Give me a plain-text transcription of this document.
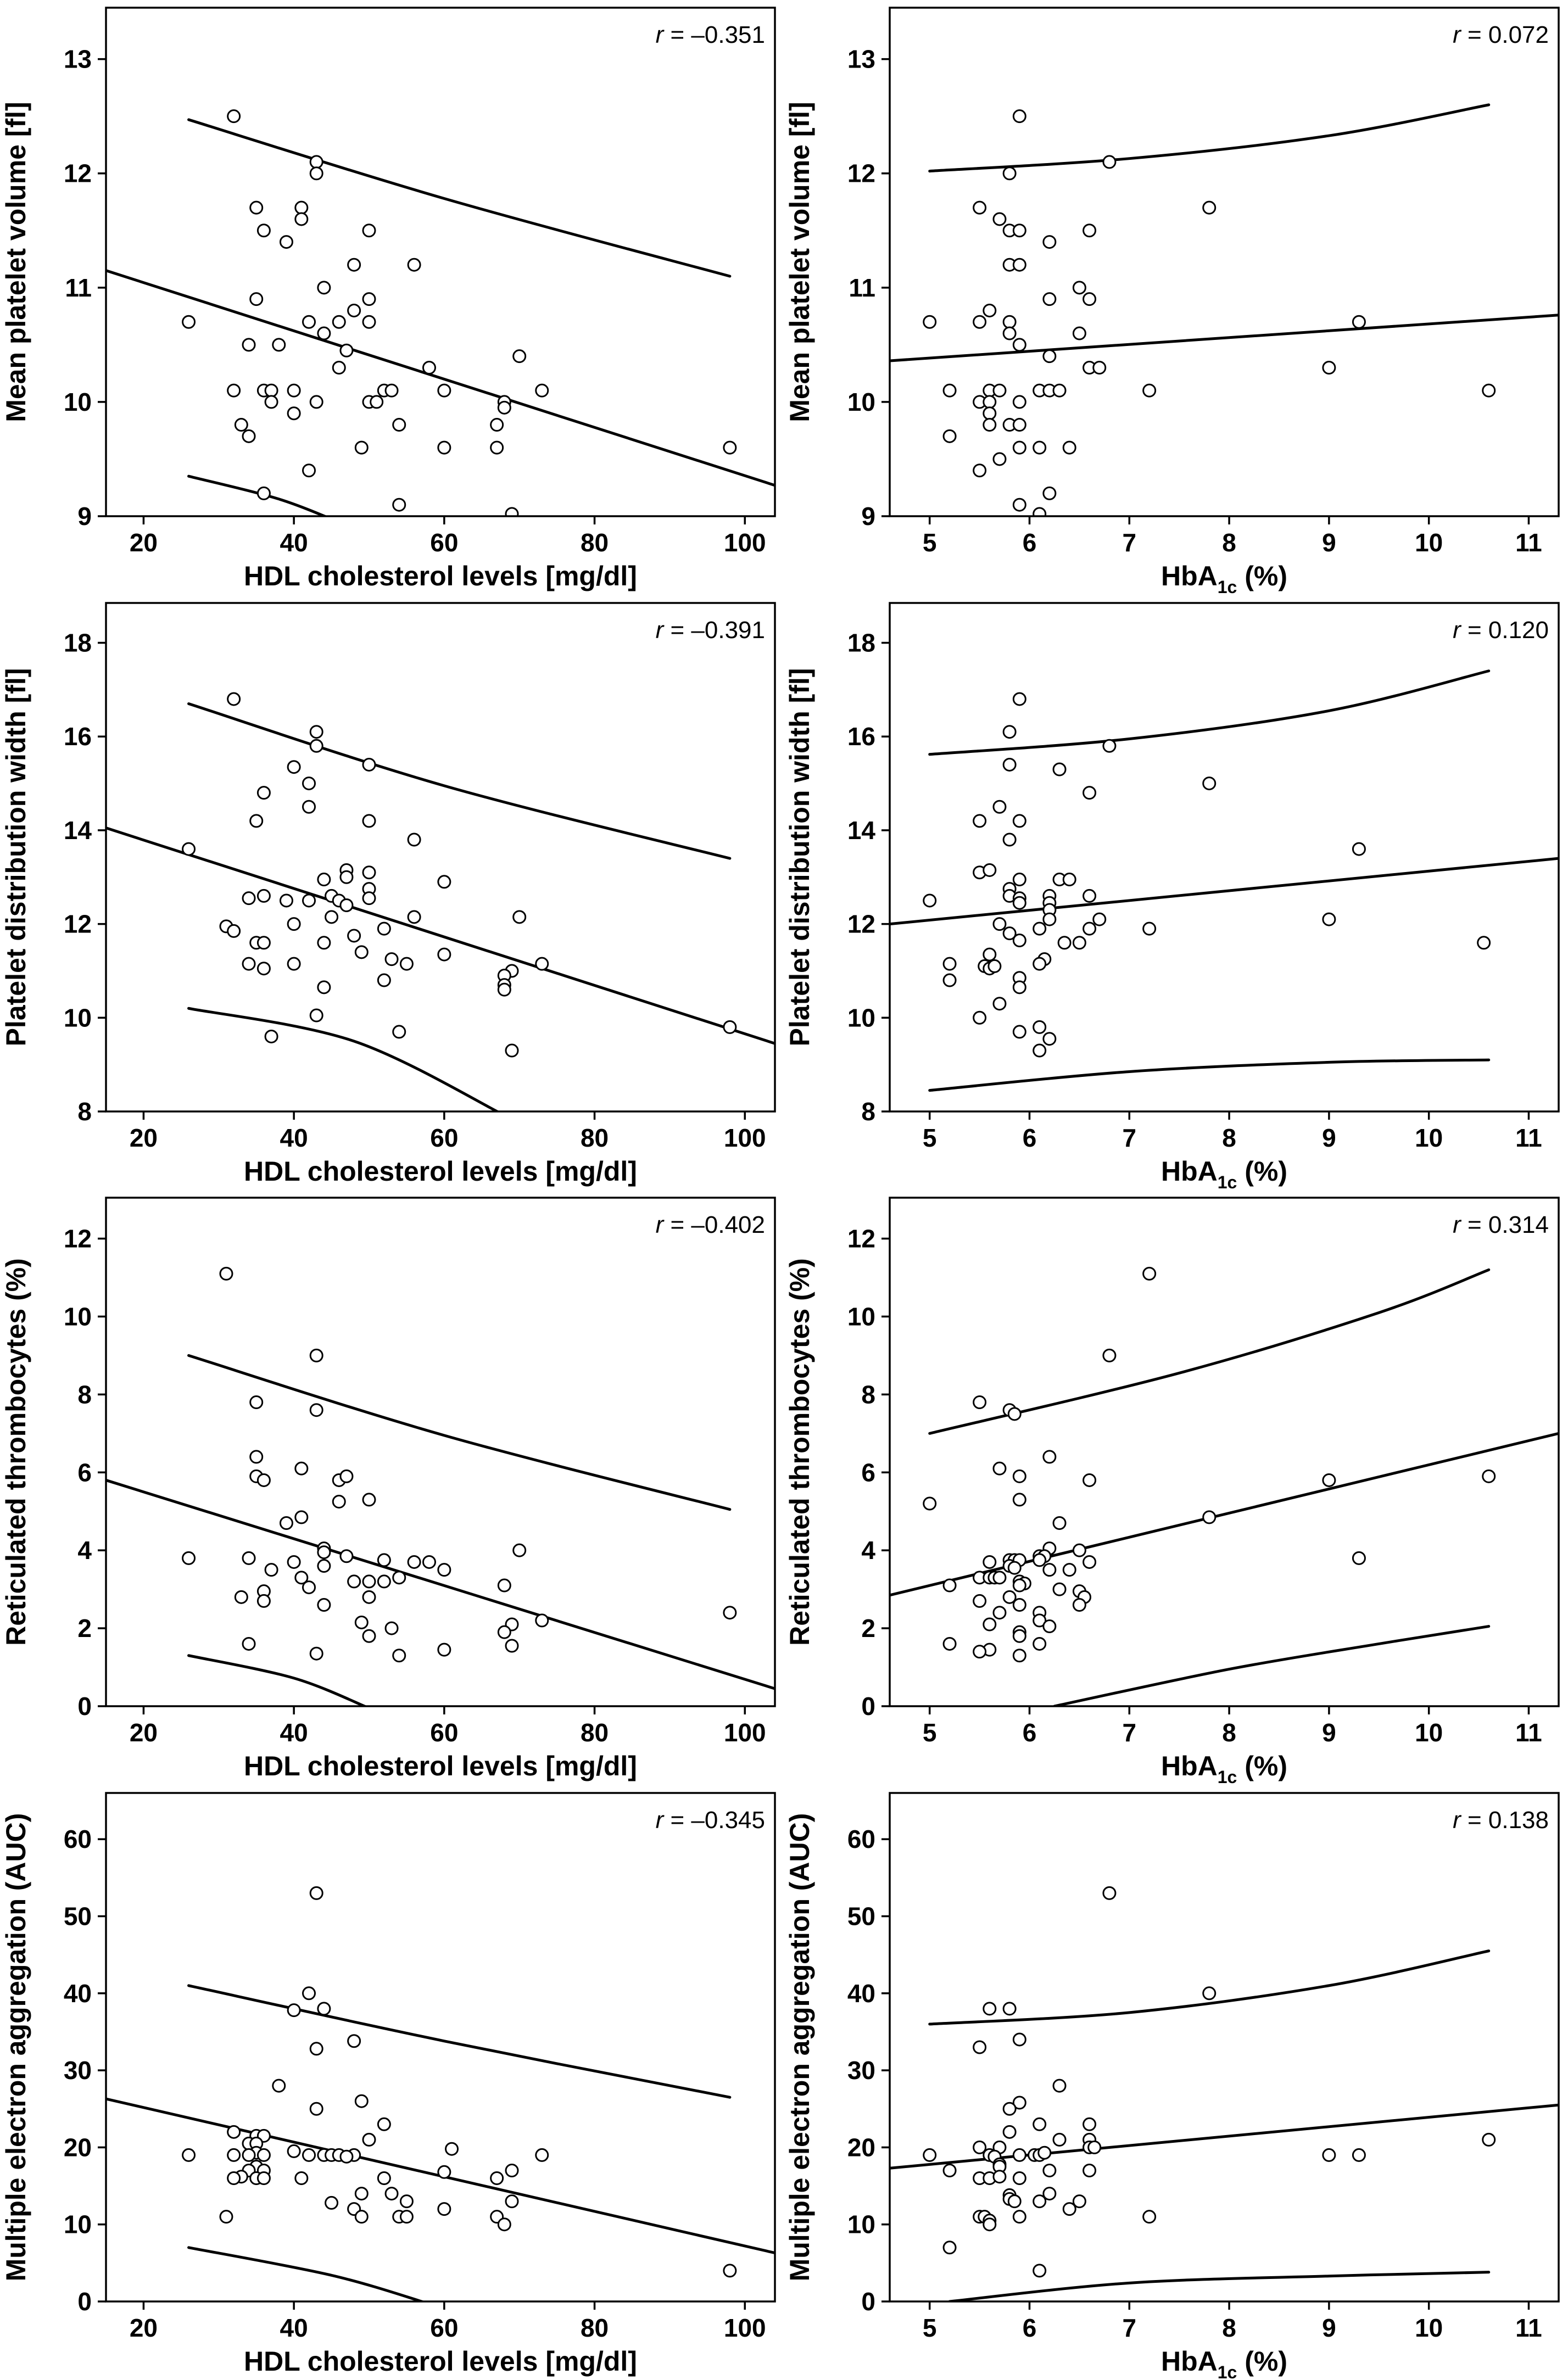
20	40	60	80	100
9
10
11
12
13
HDL cholesterol levels [mg/dl]
Mean platelet volume [fl]
r = –0.351
5	6	7	8	9	10	11
9
10
11
12
13
HbA$_{1c}$ (%)
Mean platelet volume [fl]
r = 0.072
20	40	60	80	100
8
10
12
14
16
18
HDL cholesterol levels [mg/dl]
Platelet distribution width [fl]
r = –0.391
5	6	7	8	9	10	11
8
10
12
14
16
18
HbA$_{1c}$ (%)
Platelet distribution width [fl]
r = 0.120
20	40	60	80	100
0
2
4
6
8
10
12
HDL cholesterol levels [mg/dl]
Reticulated thrombocytes (%)
r = –0.402
5	6	7	8	9	10	11
0
2
4
6
8
10
12
HbA$_{1c}$ (%)
Reticulated thrombocytes (%)
r = 0.314
20	40	60	80	100
0
10
20
30
40
50
60
HDL cholesterol levels [mg/dl]
Multiple electron aggregation (AUC)	r = –0.345
5	6	7	8	9	10	11
0
10
20
30
40
50
60
HbA$_{1c}$ (%)
Multiple electron aggregation (AUC)	r = 0.138
